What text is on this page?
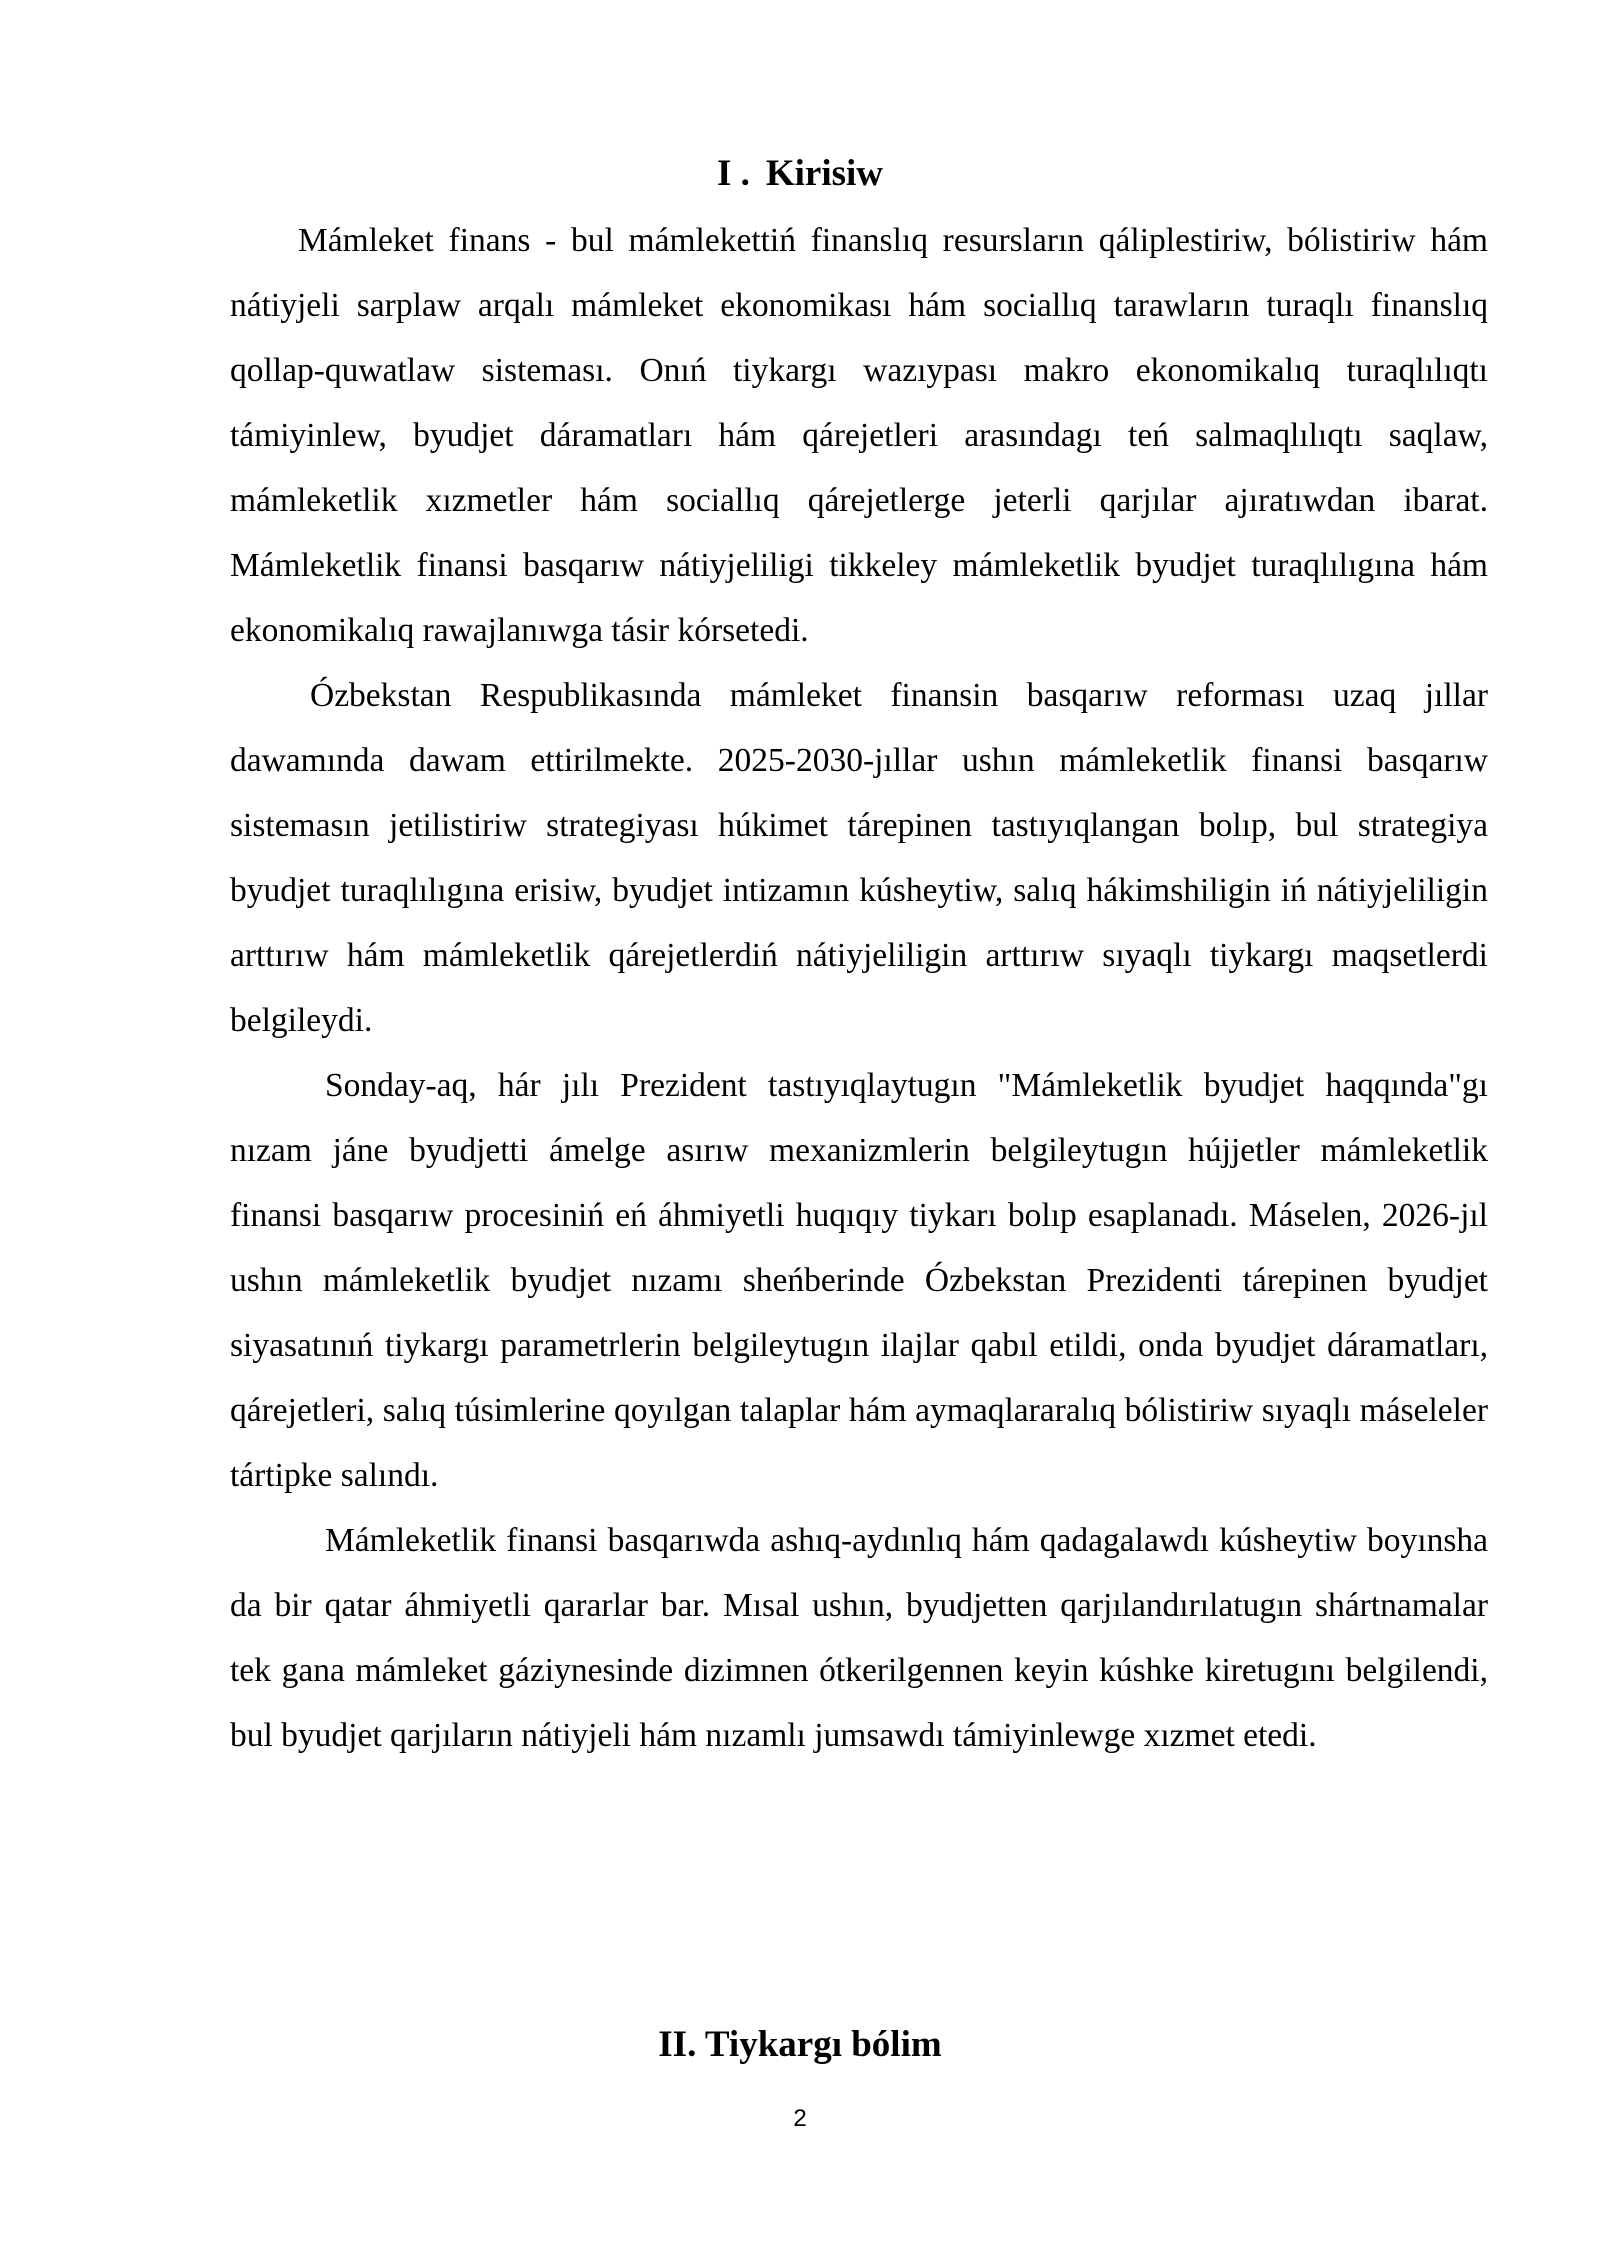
I . Kirisiw

Mámleket finans - bul mámlekettiń finanslıq resursların qáliplestiriw, bólistiriw hám nátiyjeli sarplaw arqalı mámleket ekonomikası hám sociallıq tarawların turaqlı finanslıq qollap-quwatlaw sisteması. Onıń tiykargı wazıypası makro ekonomikalıq turaqlılıqtı támiyinlew, byudjet dáramatları hám qárejetleri arasındagı teń salmaqlılıqtı saqlaw, mámleketlik xızmetler hám sociallıq qárejetlerge jeterli qarjılar ajıratıwdan ibarat. Mámleketlik finansi basqarıw nátiyjeliligi tikkeley mámleketlik byudjet turaqlılıgına hám ekonomikalıq rawajlanıwga tásir kórsetedi.

Ózbekstan Respublikasında mámleket finansin basqarıw reforması uzaq jıllar dawamında dawam ettirilmekte. 2025-2030-jıllar ushın mámleketlik finansi basqarıw sistemasın jetilistiriw strategiyası húkimet tárepinen tastıyıqlangan bolıp, bul strategiya byudjet turaqlılıgına erisiw, byudjet intizamın kúsheytiw, salıq hákimshiligin iń nátiyjeliligin arttırıw hám mámleketlik qárejetlerdiń nátiyjeliligin arttırıw sıyaqlı tiykargı maqsetlerdi belgileydi.

Sonday-aq, hár jılı Prezident tastıyıqlaytugın "Mámleketlik byudjet haqqında"gı nızam jáne byudjetti ámelge asırıw mexanizmlerin belgileytugın hújjetler mámleketlik finansi basqarıw procesiniń eń áhmiyetli huqıqıy tiykarı bolıp esaplanadı. Máselen, 2026-jıl ushın mámleketlik byudjet nızamı sheńberinde Ózbekstan Prezidenti tárepinen byudjet siyasatınıń tiykargı parametrlerin belgileytugın ilajlar qabıl etildi, onda byudjet dáramatları, qárejetleri, salıq túsimlerine qoyılgan talaplar hám aymaqlararalıq bólistiriw sıyaqlı máseleler tártipke salındı.

Mámleketlik finansi basqarıwda ashıq-aydınlıq hám qadagalawdı kúsheytiw boyınsha da bir qatar áhmiyetli qararlar bar. Mısal ushın, byudjetten qarjılandırılatugın shártnamalar tek gana mámleket gáziynesinde dizimnen ótkerilgennen keyin kúshke kiretugını belgilendi, bul byudjet qarjıların nátiyjeli hám nızamlı jumsawdı támiyinlewge xızmet etedi.

II. Tiykargı bólim
2
